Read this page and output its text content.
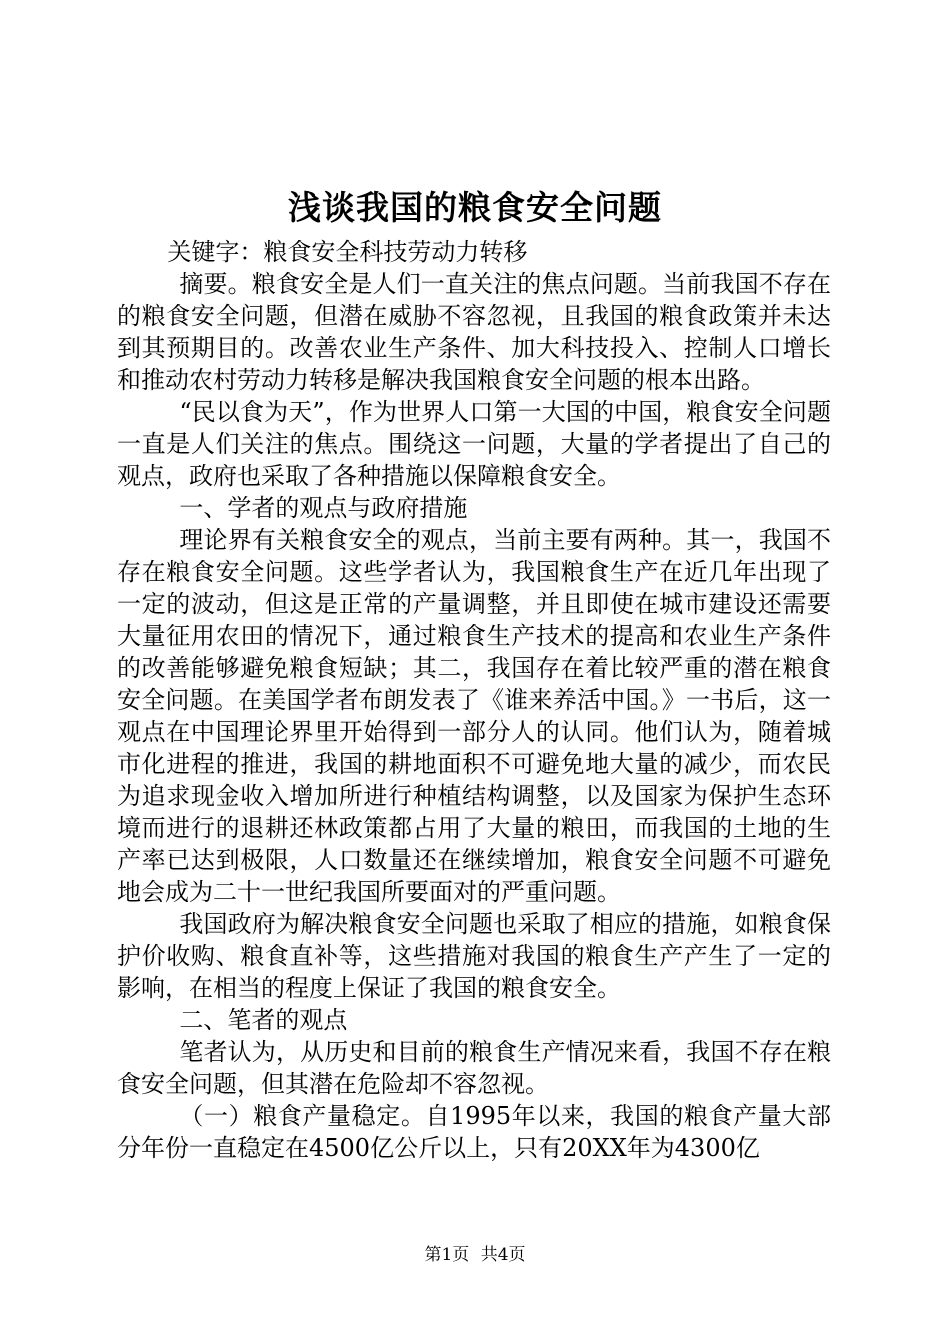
浅谈我国的粮食安全问题

关键字：粮食安全科技劳动力转移

摘要。粮食安全是人们一直关注的焦点问题。当前我国不存在的粮食安全问题，但潜在威胁不容忽视，且我国的粮食政策并未达到其预期目的。改善农业生产条件、加大科技投入、控制人口增长和推动农村劳动力转移是解决我国粮食安全问题的根本出路。

“民以食为天”，作为世界人口第一大国的中国，粮食安全问题一直是人们关注的焦点。围绕这一问题，大量的学者提出了自己的观点，政府也采取了各种措施以保障粮食安全。

一、学者的观点与政府措施

理论界有关粮食安全的观点，当前主要有两种。其一，我国不存在粮食安全问题。这些学者认为，我国粮食生产在近几年出现了一定的波动，但这是正常的产量调整，并且即使在城市建设还需要大量征用农田的情况下，通过粮食生产技术的提高和农业生产条件的改善能够避免粮食短缺；其二，我国存在着比较严重的潜在粮食安全问题。在美国学者布朗发表了《谁来养活中国。》一书后，这一观点在中国理论界里开始得到一部分人的认同。他们认为，随着城市化进程的推进，我国的耕地面积不可避免地大量的减少，而农民为追求现金收入增加所进行种植结构调整，以及国家为保护生态环境而进行的退耕还林政策都占用了大量的粮田，而我国的土地的生产率已达到极限，人口数量还在继续增加，粮食安全问题不可避免地会成为二十一世纪我国所要面对的严重问题。

我国政府为解决粮食安全问题也采取了相应的措施，如粮食保护价收购、粮食直补等，这些措施对我国的粮食生产产生了一定的影响，在相当的程度上保证了我国的粮食安全。

二、笔者的观点

笔者认为，从历史和目前的粮食生产情况来看，我国不存在粮食安全问题，但其潜在危险却不容忽视。

（一）粮食产量稳定。自1995年以来，我国的粮食产量大部分年份一直稳定在4500亿公斤以上，只有20XX年为4300亿

第1页 共4页
